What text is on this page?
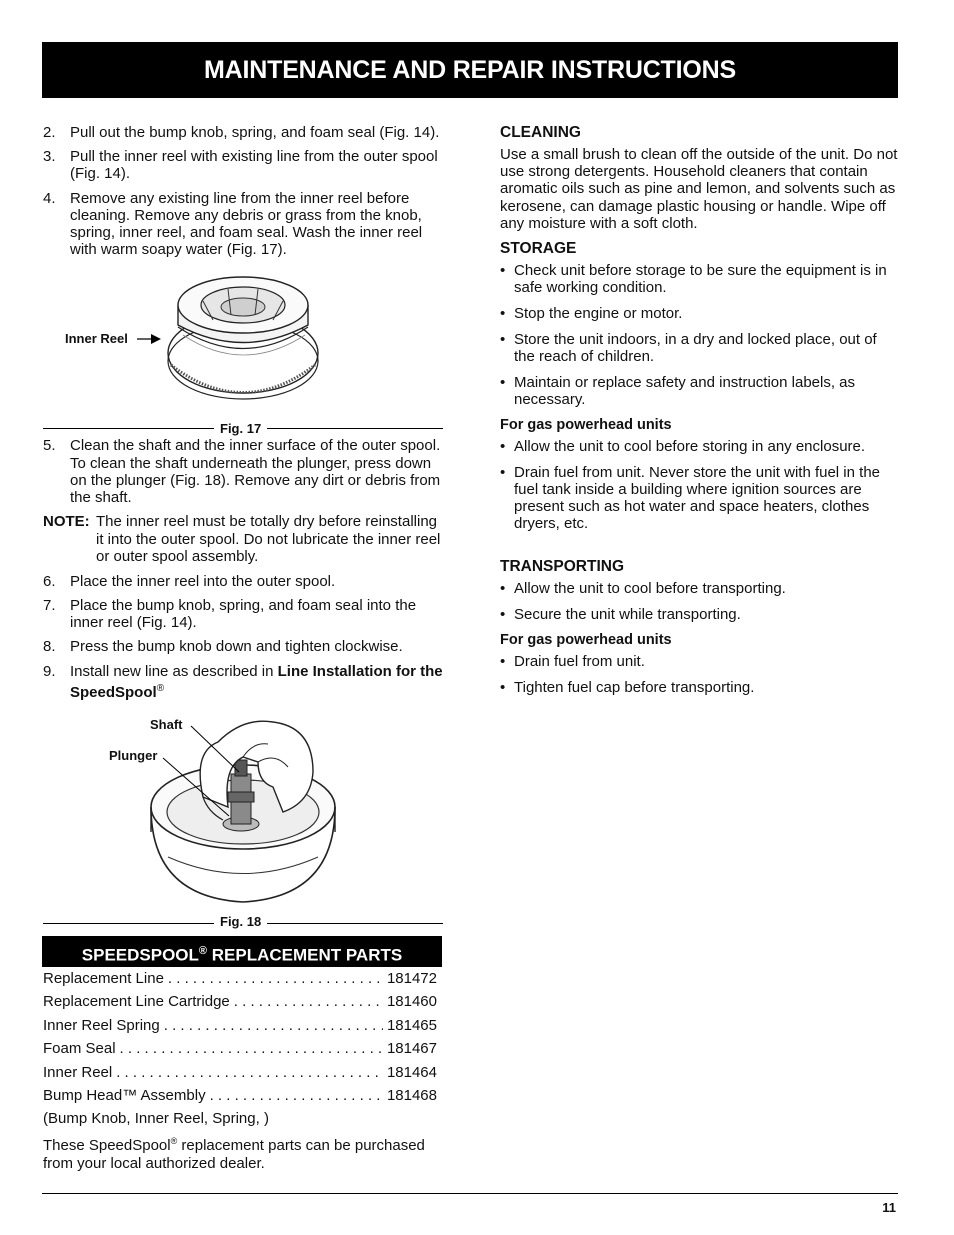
MAINTENANCE AND REPAIR INSTRUCTIONS
2. Pull out the bump knob, spring, and foam seal (Fig. 14).
3. Pull the inner reel with existing line from the outer spool (Fig. 14).
4. Remove any existing line from the inner reel before cleaning. Remove any debris or grass from the knob, spring, inner reel, and foam seal. Wash the inner reel with warm soapy water (Fig. 17).
Inner Reel
Fig. 17
5. Clean the shaft and the inner surface of the outer spool. To clean the shaft underneath the plunger, press down on the plunger (Fig. 18). Remove any dirt or debris from the shaft.
NOTE: The inner reel must be totally dry before reinstalling it into the outer spool. Do not lubricate the inner reel or outer spool assembly.
6. Place the inner reel into the outer spool.
7. Place the bump knob, spring, and foam seal into the inner reel (Fig. 14).
8. Press the bump knob down and tighten clockwise.
9. Install new line as described in Line Installation for the SpeedSpool®
Shaft
Plunger
Fig. 18
SPEEDSPOOL® REPLACEMENT PARTS
Replacement Line . . .	181472
Replacement Line Cartridge . . .	181460
Inner Reel Spring . . .	181465
Foam Seal . . .	181467
Inner Reel . . .	181464
Bump Head™ Assembly . . .	181468
(Bump Knob, Inner Reel, Spring, )
These SpeedSpool® replacement parts can be purchased from your local authorized dealer.
CLEANING
Use a small brush to clean off the outside of the unit. Do not use strong detergents. Household cleaners that contain aromatic oils such as pine and lemon, and solvents such as kerosene, can damage plastic housing or handle. Wipe off any moisture with a soft cloth.
STORAGE
• Check unit before storage to be sure the equipment is in safe working condition.
• Stop the engine or motor.
• Store the unit indoors, in a dry and locked place, out of the reach of children.
• Maintain or replace safety and instruction labels, as necessary.
For gas powerhead units
• Allow the unit to cool before storing in any enclosure.
• Drain fuel from unit. Never store the unit with fuel in the fuel tank inside a building where ignition sources are present such as hot water and space heaters, clothes dryers, etc.
TRANSPORTING
• Allow the unit to cool before transporting.
• Secure the unit while transporting.
For gas powerhead units
• Drain fuel from unit.
• Tighten fuel cap before transporting.
11
